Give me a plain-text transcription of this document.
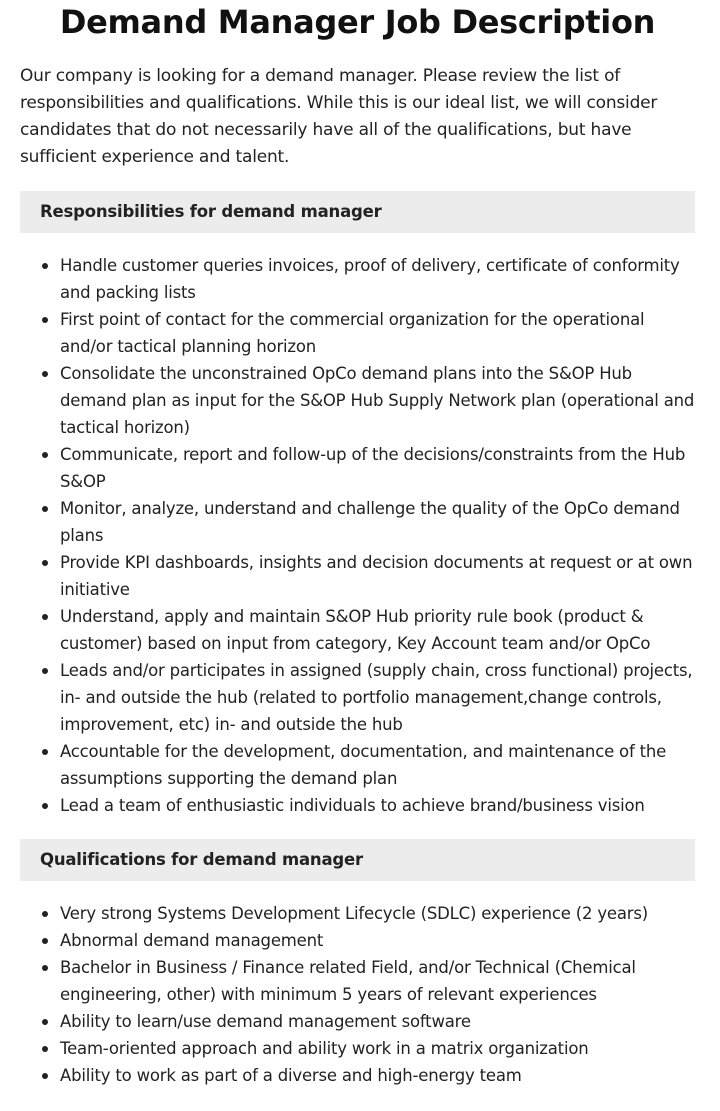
Demand Manager Job Description

Our company is looking for a demand manager. Please review the list of responsibilities and qualifications. While this is our ideal list, we will consider candidates that do not necessarily have all of the qualifications, but have sufficient experience and talent.

Responsibilities for demand manager
Handle customer queries invoices, proof of delivery, certificate of conformity and packing lists
First point of contact for the commercial organization for the operational and/or tactical planning horizon
Consolidate the unconstrained OpCo demand plans into the S&OP Hub demand plan as input for the S&OP Hub Supply Network plan (operational and tactical horizon)
Communicate, report and follow-up of the decisions/constraints from the Hub S&OP
Monitor, analyze, understand and challenge the quality of the OpCo demand plans
Provide KPI dashboards, insights and decision documents at request or at own initiative
Understand, apply and maintain S&OP Hub priority rule book (product & customer) based on input from category, Key Account team and/or OpCo
Leads and/or participates in assigned (supply chain, cross functional) projects, in- and outside the hub (related to portfolio management,change controls, improvement, etc) in- and outside the hub
Accountable for the development, documentation, and maintenance of the assumptions supporting the demand plan
Lead a team of enthusiastic individuals to achieve brand/business vision
Qualifications for demand manager
Very strong Systems Development Lifecycle (SDLC) experience (2 years)
Abnormal demand management
Bachelor in Business / Finance related Field, and/or Technical (Chemical engineering, other) with minimum 5 years of relevant experiences
Ability to learn/use demand management software
Team-oriented approach and ability work in a matrix organization
Ability to work as part of a diverse and high-energy team
